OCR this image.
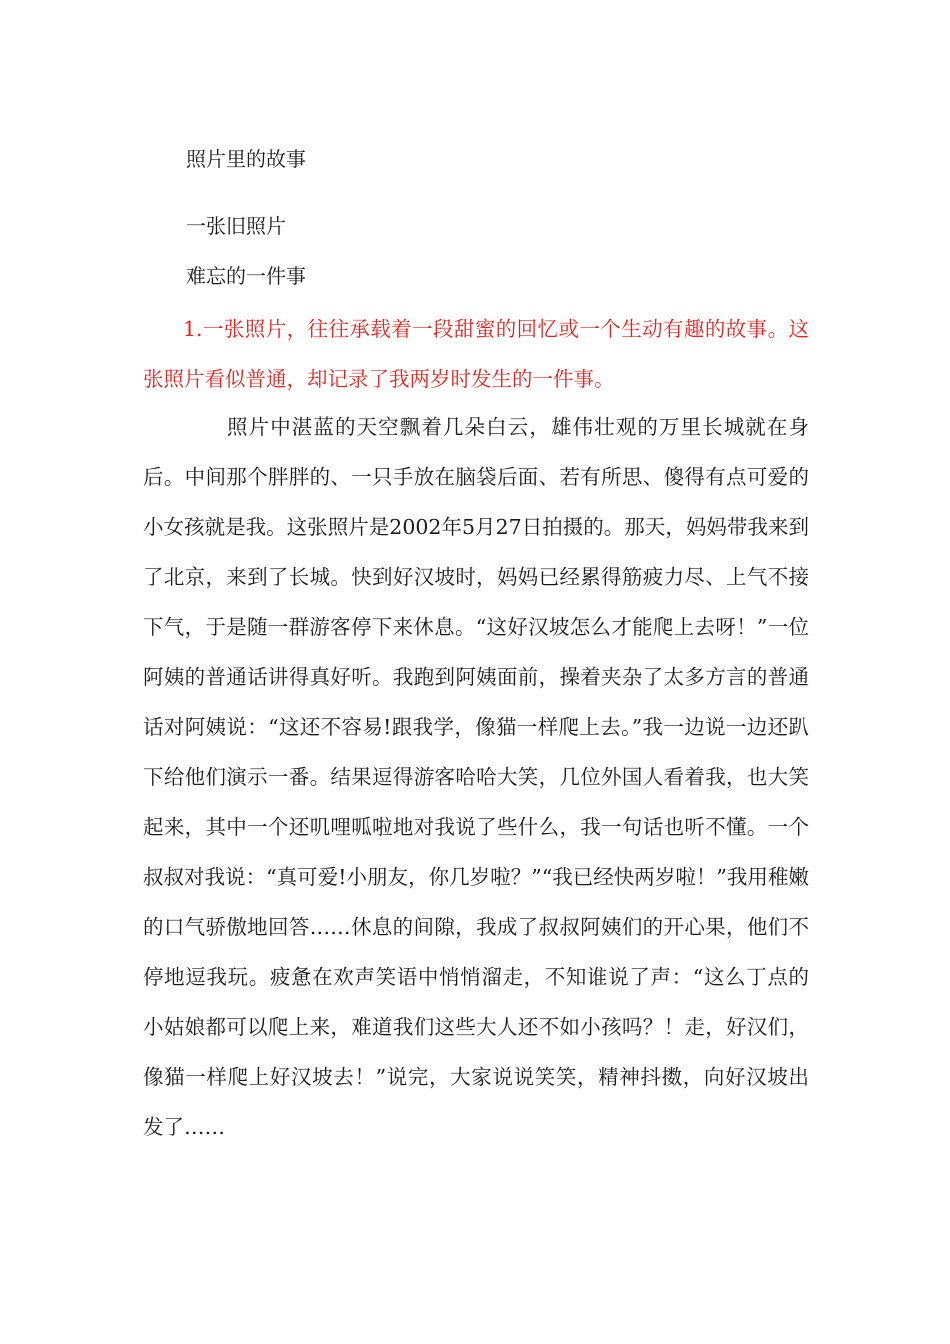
照片里的故事
一张旧照片
难忘的一件事

1.一张照片，往往承载着一段甜蜜的回忆或一个生动有趣的故事。这张照片看似普通，却记录了我两岁时发生的一件事。

照片中湛蓝的天空飘着几朵白云，雄伟壮观的万里长城就在身后。中间那个胖胖的、一只手放在脑袋后面、若有所思、傻得有点可爱的小女孩就是我。这张照片是2002年5月27日拍摄的。那天，妈妈带我来到了北京，来到了长城。快到好汉坡时，妈妈已经累得筋疲力尽、上气不接下气，于是随一群游客停下来休息。“这好汉坡怎么才能爬上去呀！”一位阿姨的普通话讲得真好听。我跑到阿姨面前，操着夹杂了太多方言的普通话对阿姨说：“这还不容易!跟我学，像猫一样爬上去。”我一边说一边还趴下给他们演示一番。结果逗得游客哈哈大笑，几位外国人看着我，也大笑起来，其中一个还叽哩呱啦地对我说了些什么，我一句话也听不懂。一个叔叔对我说：“真可爱!小朋友，你几岁啦？”“我已经快两岁啦！”我用稚嫩的口气骄傲地回答……休息的间隙，我成了叔叔阿姨们的开心果，他们不停地逗我玩。疲惫在欢声笑语中悄悄溜走，不知谁说了声：“这么丁点的小姑娘都可以爬上来，难道我们这些大人还不如小孩吗？！走，好汉们，像猫一样爬上好汉坡去！”说完，大家说说笑笑，精神抖擞，向好汉坡出发了……
